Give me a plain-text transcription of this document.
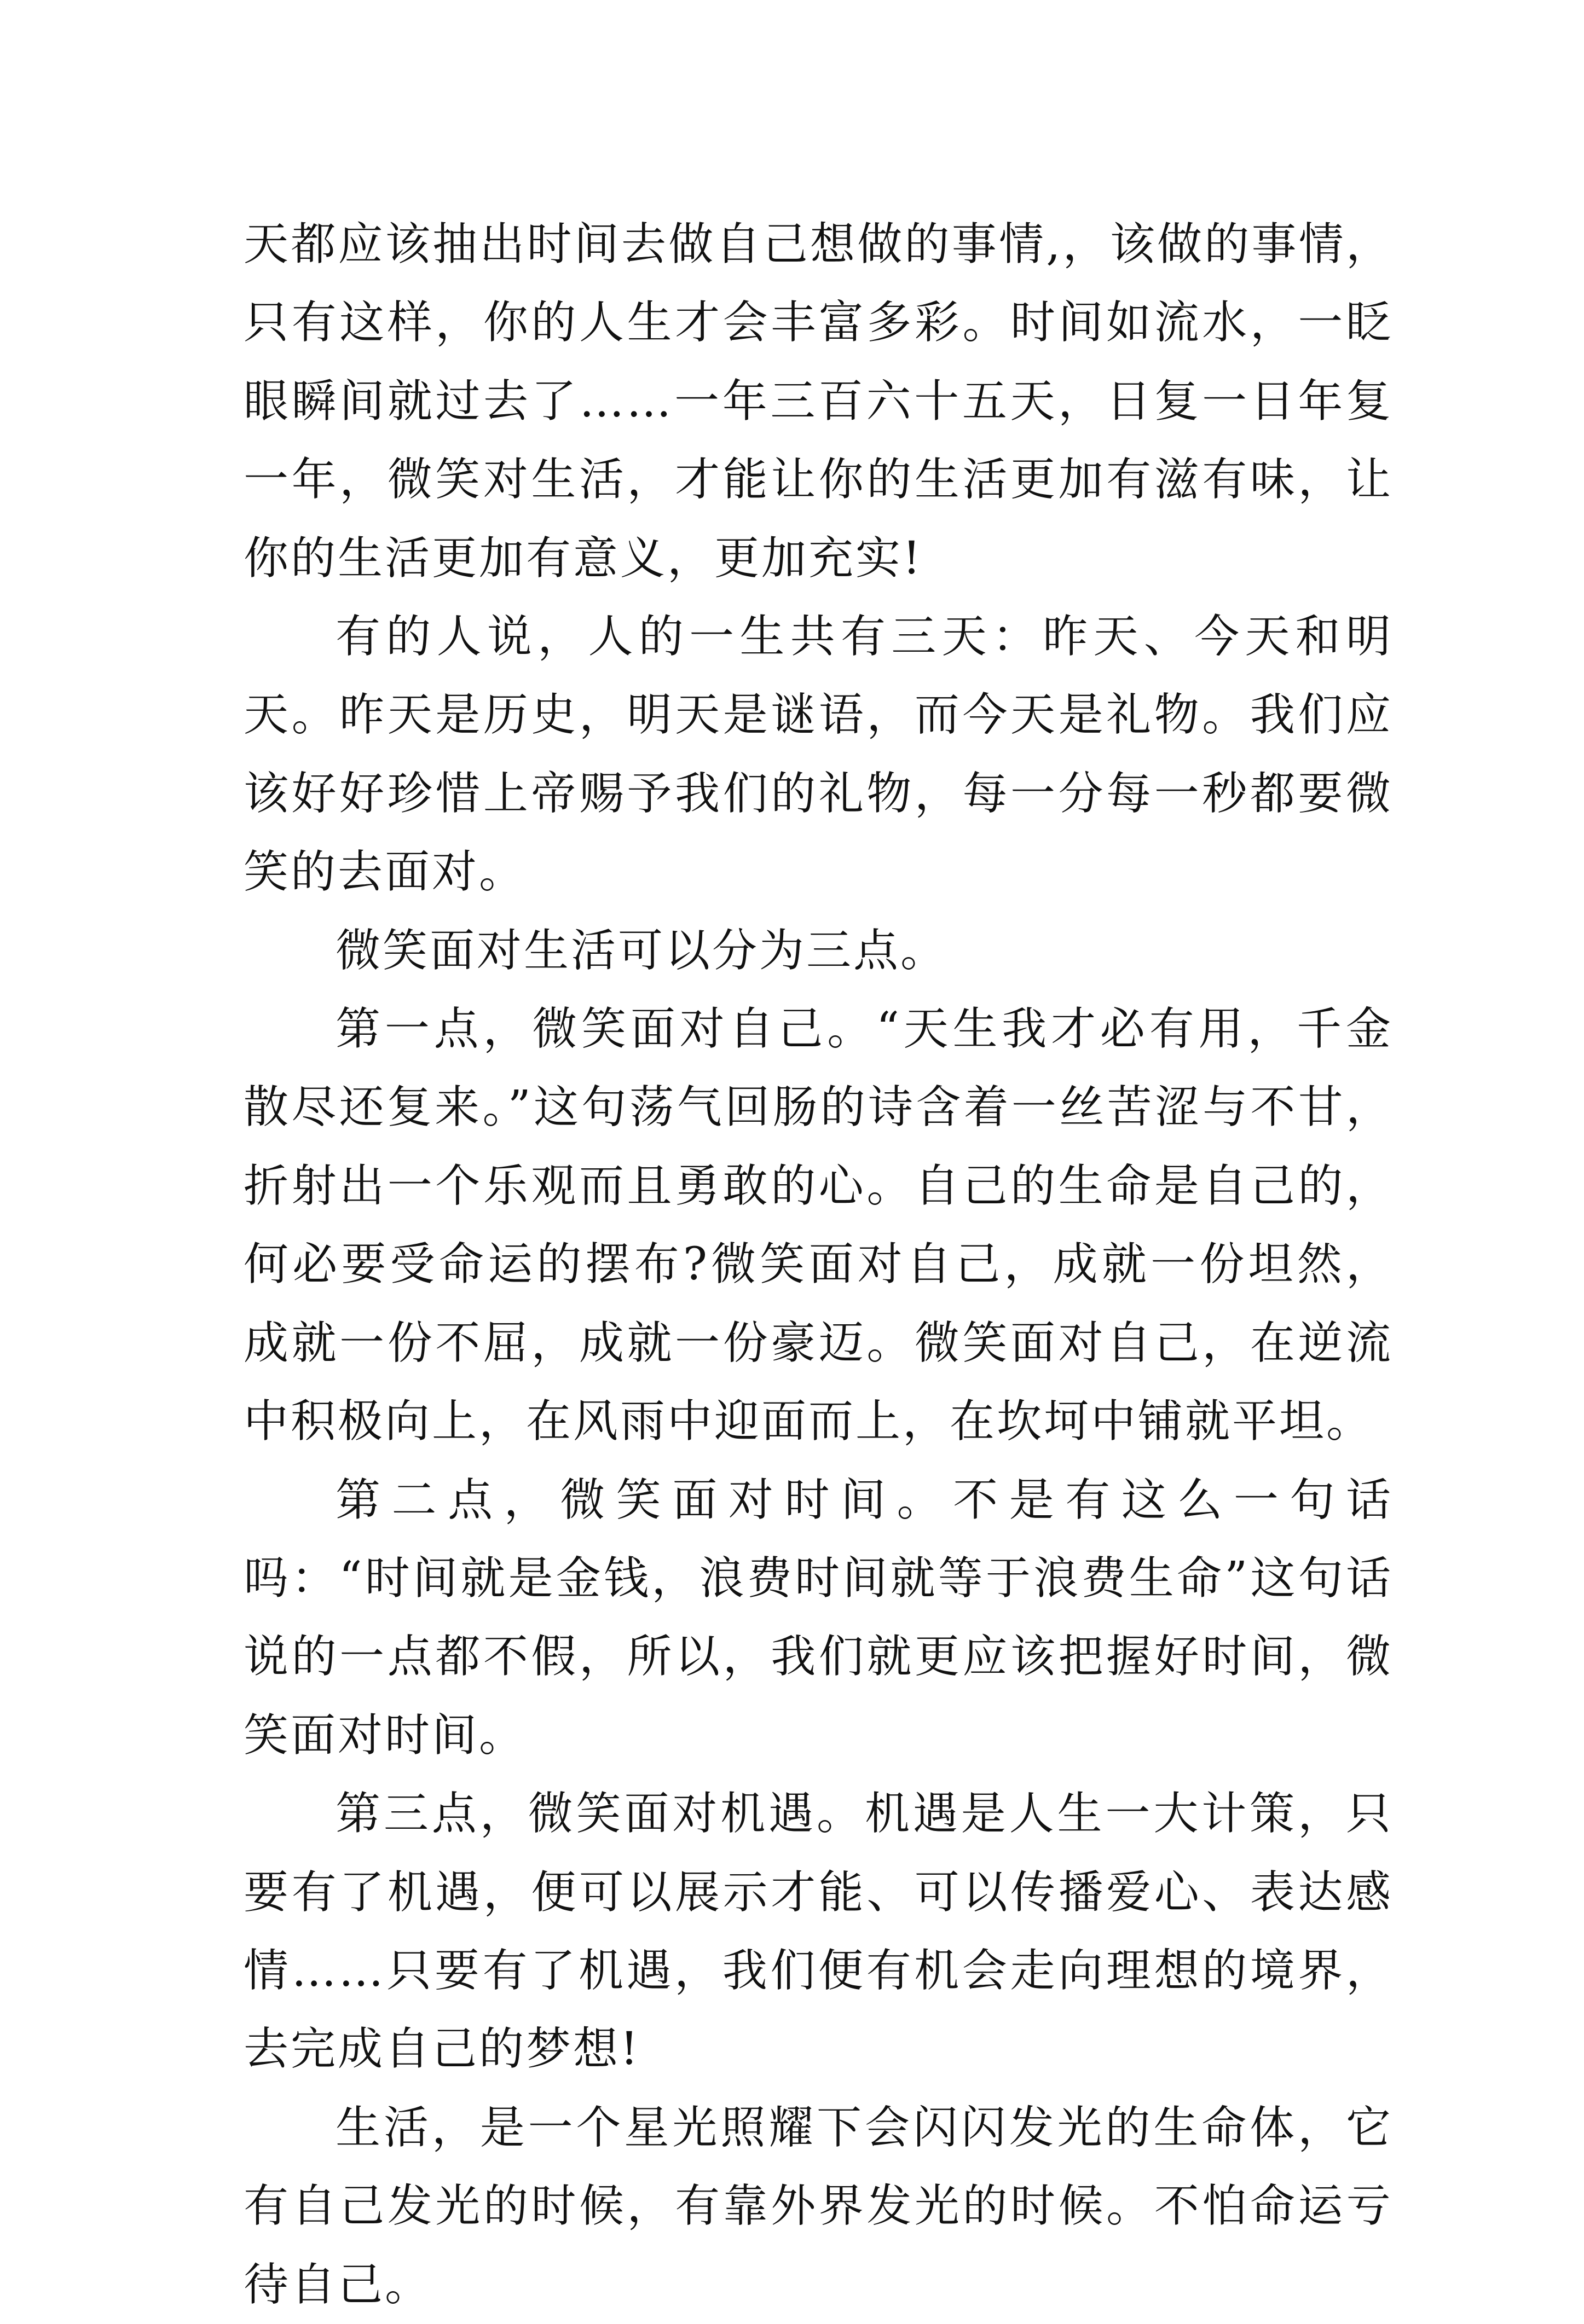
天都应该抽出时间去做自己想做的事情,，该做的事情，只有这样，你的人生才会丰富多彩。时间如流水，一眨眼瞬间就过去了……一年三百六十五天，日复一日年复一年，微笑对生活，才能让你的生活更加有滋有味，让你的生活更加有意义，更加充实!

有的人说，人的一生共有三天：昨天、今天和明天。昨天是历史，明天是谜语，而今天是礼物。我们应该好好珍惜上帝赐予我们的礼物，每一分每一秒都要微笑的去面对。

微笑面对生活可以分为三点。

第一点，微笑面对自己。“天生我才必有用，千金散尽还复来。”这句荡气回肠的诗含着一丝苦涩与不甘，折射出一个乐观而且勇敢的心。自己的生命是自己的，何必要受命运的摆布?微笑面对自己，成就一份坦然，成就一份不屈，成就一份豪迈。微笑面对自己，在逆流中积极向上，在风雨中迎面而上，在坎坷中铺就平坦。

第二点，微笑面对时间。不是有这么一句话吗：“时间就是金钱，浪费时间就等于浪费生命”这句话说的一点都不假，所以，我们就更应该把握好时间，微笑面对时间。

第三点，微笑面对机遇。机遇是人生一大计策，只要有了机遇，便可以展示才能、可以传播爱心、表达感情……只要有了机遇，我们便有机会走向理想的境界，去完成自己的梦想!

生活，是一个星光照耀下会闪闪发光的生命体，它有自己发光的时候，有靠外界发光的时候。不怕命运亏待自己。
